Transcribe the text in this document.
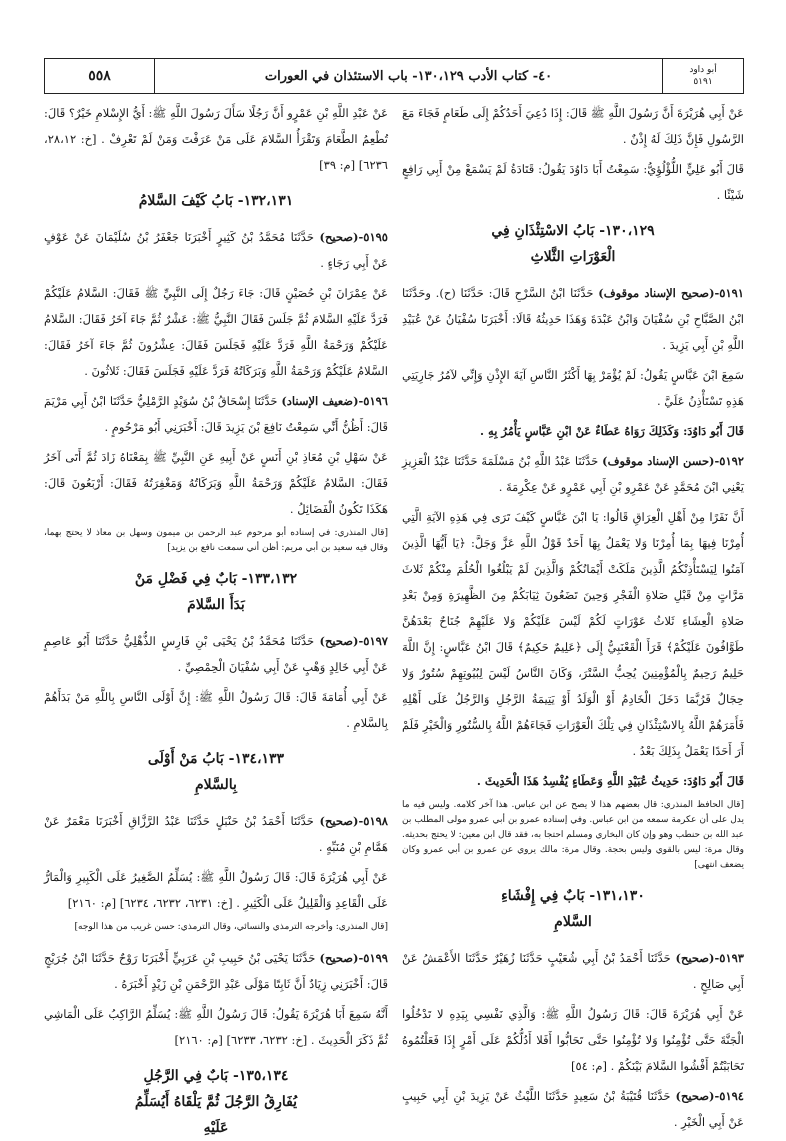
٥٥٨	٤٠- كتاب الأدب ١٣٠،١٢٩- باب الاستئذان في العورات	أبو داود
٥١٩١

عَنْ أَبِي هُرَيْرَةَ أَنَّ رَسُولَ اللَّهِ ﷺ قَالَ: إِذَا دُعِيَ أَحَدُكُمْ إِلَى طَعَامٍ فَجَاءَ مَعَ الرَّسُولِ فَإِنَّ ذَلِكَ لَهُ إِذْنٌ .

قَالَ أَبُو عَلِيٍّ اللُّؤْلُؤِيُّ: سَمِعْتُ أَبَا دَاوُدَ يَقُولُ: قَتَادَةُ لَمْ يَسْمَعْ مِنْ أَبِي رَافِعٍ شَيْئًا .

١٣٠،١٢٩- بَابُ الاسْتِئْذَانِ فِي
الْعَوْرَاتِ الثَّلاثِ

٥١٩١-(صحيح الإسناد موقوف) حَدَّثَنَا ابْنُ السَّرْحِ قَالَ: حَدَّثَنَا (ح). وحَدَّثَنَا ابْنُ الصَّبَّاحِ بْنِ سُفْيَانَ وَابْنُ عَبْدَةَ وَهَذَا حَدِيثُهُ قَالَا: أَخْبَرَنَا سُفْيَانُ عَنْ عُبَيْدِ اللَّهِ بْنِ أَبِي يَزِيدَ .

سَمِعَ ابْنَ عَبَّاسٍ يَقُولُ: لَمْ يُؤْمَرْ بِهَا أَكْثَرُ النَّاسِ آيَةَ الإِذْنِ وَإِنِّي لآمُرُ جَارِيَتِي هَذِهِ تَسْتَأْذِنُ عَلَيَّ .

قَالَ أَبُو دَاوُدَ: وَكَذَلِكَ رَوَاهُ عَطَاءٌ عَنْ ابْنِ عَبَّاسٍ يَأْمُرُ بِهِ .

٥١٩٢-(حسن الإسناد موقوف) حَدَّثَنَا عَبْدُ اللَّهِ بْنُ مَسْلَمَةَ حَدَّثَنَا عَبْدُ الْعَزِيزِ يَعْنِي ابْنَ مُحَمَّدٍ عَنْ عَمْرِو بْنِ أَبِي عَمْرٍو عَنْ عِكْرِمَةَ .

أَنَّ نَفَرًا مِنْ أَهْلِ الْعِرَاقِ قَالُوا: يَا ابْنَ عَبَّاسٍ كَيْفَ تَرَى فِي هَذِهِ الآيَةِ الَّتِي أُمِرْنَا فِيهَا بِمَا أُمِرْنَا وَلا يَعْمَلُ بِهَا أَحَدٌ قَوْلُ اللَّهِ عَزَّ وَجَلَّ: ﴿يَا أَيُّهَا الَّذِينَ آمَنُوا لِيَسْتَأْذِنْكُمُ الَّذِينَ مَلَكَتْ أَيْمَانُكُمْ وَالَّذِينَ لَمْ يَبْلُغُوا الْحُلُمَ مِنْكُمْ ثَلاثَ مَرَّاتٍ مِنْ قَبْلِ صَلاةِ الْفَجْرِ وَحِينَ تَضَعُونَ ثِيَابَكُمْ مِنَ الظَّهِيرَةِ وَمِنْ بَعْدِ صَلاةِ الْعِشَاءِ ثَلاثُ عَوْرَاتٍ لَكُمْ لَيْسَ عَلَيْكُمْ وَلا عَلَيْهِمْ جُنَاحٌ بَعْدَهُنَّ طَوَّافُونَ عَلَيْكُمْ﴾ قَرَأَ الْقَعْنَبِيُّ إِلَى ﴿عَلِيمٌ حَكِيمٌ﴾ قَالَ ابْنُ عَبَّاسٍ: إِنَّ اللَّهَ حَلِيمٌ رَحِيمٌ بِالْمُؤْمِنِينَ يُحِبُّ السَّتْرَ، وَكَانَ النَّاسُ لَيْسَ لِبُيُوتِهِمْ سُتُورٌ وَلا حِجَالٌ فَرُبَّمَا دَخَلَ الْخَادِمُ أَوْ الْوَلَدُ أَوْ يَتِيمَةُ الرَّجُلِ وَالرَّجُلُ عَلَى أَهْلِهِ فَأَمَرَهُمْ اللَّهُ بِالاسْتِئْذَانِ فِي تِلْكَ الْعَوْرَاتِ فَجَاءَهُمْ اللَّهُ بِالسُّتُورِ وَالْخَيْرِ فَلَمْ أَرَ أَحَدًا يَعْمَلُ بِذَلِكَ بَعْدُ .

قَالَ أَبُو دَاوُدَ: حَدِيثُ عُبَيْدِ اللَّهِ وَعَطَاءٍ يُفْسِدُ هَذَا الْحَدِيثَ .

[قال الحافظ المنذري: قال بعضهم هذا لا يصح عن ابن عباس. هذا آخر كلامه. وليس فيه ما يدل على أن عكرمة سمعه من ابن عباس. وفي إسناده عمرو بن أبي عمرو مولى المطلب بن عبد الله بن حنطب وهو وإن كان البخاري ومسلم احتجا به، فقد قال ابن معين: لا يحتج بحديثه. وقال مرة: ليس بالقوي وليس بحجة. وقال مرة: مالك يروي عن عمرو بن أبي عمرو وكان يضعف انتهى]
١٣١،١٣٠- بَابٌ فِي إِفْشَاءِ
السَّلامِ

٥١٩٣-(صحيح) حَدَّثَنَا أَحْمَدُ بْنُ أَبِي شُعَيْبٍ حَدَّثَنَا زُهَيْرٌ حَدَّثَنَا الأَعْمَشُ عَنْ أَبِي صَالِحٍ .

عَنْ أَبِي هُرَيْرَةَ قَالَ: قَالَ رَسُولُ اللَّهِ ﷺ: وَالَّذِي نَفْسِي بِيَدِهِ لا تَدْخُلُوا الْجَنَّةَ حَتَّى تُؤْمِنُوا وَلا تُؤْمِنُوا حَتَّى تَحَابُّوا أَفَلا أَدُلُّكُمْ عَلَى أَمْرٍ إِذَا فَعَلْتُمُوهُ تَحَابَبْتُمْ أَفْشُوا السَّلامَ بَيْنَكُمْ . [م: ٥٤]

٥١٩٤-(صحيح) حَدَّثَنَا قُتَيْبَةُ بْنُ سَعِيدٍ حَدَّثَنَا اللَّيْثُ عَنْ يَزِيدَ بْنِ أَبِي حَبِيبٍ عَنْ أَبِي الْخَيْرِ .

عَنْ عَبْدِ اللَّهِ بْنِ عَمْرٍو أَنَّ رَجُلًا سَأَلَ رَسُولَ اللَّهِ ﷺ: أَيُّ الإِسْلامِ خَيْرٌ؟ قَالَ: تُطْعِمُ الطَّعَامَ وَتَقْرَأُ السَّلامَ عَلَى مَنْ عَرَفْتَ وَمَنْ لَمْ تَعْرِفْ . [خ: ٢٨،١٢، ٦٢٣٦] [م: ٣٩]

١٣٢،١٣١- بَابُ كَيْفَ السَّلامُ

٥١٩٥-(صحيح) حَدَّثَنَا مُحَمَّدُ بْنُ كَثِيرٍ أَخْبَرَنَا جَعْفَرُ بْنُ سُلَيْمَانَ عَنْ عَوْفٍ عَنْ أَبِي رَجَاءٍ .

عَنْ عِمْرَانَ بْنِ حُصَيْنٍ قَالَ: جَاءَ رَجُلٌ إِلَى النَّبِيِّ ﷺ فَقَالَ: السَّلامُ عَلَيْكُمْ فَرَدَّ عَلَيْهِ السَّلامَ ثُمَّ جَلَسَ فَقَالَ النَّبِيُّ ﷺ: عَشْرٌ ثُمَّ جَاءَ آخَرُ فَقَالَ: السَّلامُ عَلَيْكُمْ وَرَحْمَةُ اللَّهِ فَرَدَّ عَلَيْهِ فَجَلَسَ فَقَالَ: عِشْرُونَ ثُمَّ جَاءَ آخَرُ فَقَالَ: السَّلامُ عَلَيْكُمْ وَرَحْمَةُ اللَّهِ وَبَرَكَاتُهُ فَرَدَّ عَلَيْهِ فَجَلَسَ فَقَالَ: ثَلاثُونَ .

٥١٩٦-(ضعيف الإسناد) حَدَّثَنَا إِسْحَاقُ بْنُ سُوَيْدٍ الرَّمْلِيُّ حَدَّثَنَا ابْنُ أَبِي مَرْيَمَ قَالَ: أَظُنُّ أَنِّي سَمِعْتُ نَافِعَ بْنَ يَزِيدَ قَالَ: أَخْبَرَنِي أَبُو مَرْحُومٍ .

عَنْ سَهْلِ بْنِ مُعَاذِ بْنِ أَنَسٍ عَنْ أَبِيهِ عَنِ النَّبِيِّ ﷺ بِمَعْنَاهُ زَادَ ثُمَّ أَتَى آخَرُ فَقَالَ: السَّلامُ عَلَيْكُمْ وَرَحْمَةُ اللَّهِ وَبَرَكَاتُهُ وَمَغْفِرَتُهُ فَقَالَ: أَرْبَعُونَ قَالَ: هَكَذَا تَكُونُ الْفَضَائِلُ .

[قال المنذري: في إسناده أبو مرحوم عبد الرحمن بن ميمون وسهل بن معاذ لا يحتج بهما، وقال فيه سعيد بن أبي مريم: أظن أني سمعت نافع بن يزيد]
١٣٣،١٣٢- بَابٌ فِي فَضْلِ مَنْ
بَدَأَ السَّلامَ

٥١٩٧-(صحيح) حَدَّثَنَا مُحَمَّدُ بْنُ يَحْيَى بْنِ فَارِسٍ الذُّهْلِيُّ حَدَّثَنَا أَبُو عَاصِمٍ عَنْ أَبِي خَالِدٍ وَهْبٍ عَنْ أَبِي سُفْيَانَ الْحِمْصِيِّ .

عَنْ أَبِي أُمَامَةَ قَالَ: قَالَ رَسُولُ اللَّهِ ﷺ: إِنَّ أَوْلَى النَّاسِ بِاللَّهِ مَنْ بَدَأَهُمْ بِالسَّلامِ .

١٣٤،١٣٣- بَابُ مَنْ أَوْلَى
بِالسَّلامِ

٥١٩٨-(صحيح) حَدَّثَنَا أَحْمَدُ بْنُ حَنْبَلٍ حَدَّثَنَا عَبْدُ الرَّزَّاقِ أَخْبَرَنَا مَعْمَرٌ عَنْ هَمَّامِ بْنِ مُنَبِّهٍ .

عَنْ أَبِي هُرَيْرَةَ قَالَ: قَالَ رَسُولُ اللَّهِ ﷺ: يُسَلِّمُ الصَّغِيرُ عَلَى الْكَبِيرِ وَالْمَارُّ عَلَى الْقَاعِدِ وَالْقَلِيلُ عَلَى الْكَثِيرِ . [خ: ٦٢٣١، ٦٢٣٢، ٦٢٣٤] [م: ٢١٦٠]

[قال المنذري: وأخرجه الترمذي والنسائي، وقال الترمذي: حسن غريب من هذا الوجه]

٥١٩٩-(صحيح) حَدَّثَنَا يَحْيَى بْنُ حَبِيبِ بْنِ عَرَبِيٍّ أَخْبَرَنَا رَوْحٌ حَدَّثَنَا ابْنُ جُرَيْجٍ قَالَ: أَخْبَرَنِي زِيَادٌ أَنَّ ثَابِتًا مَوْلَى عَبْدِ الرَّحْمَنِ بْنِ زَيْدٍ أَخْبَرَهُ .

أَنَّهُ سَمِعَ أَبَا هُرَيْرَةَ يَقُولُ: قَالَ رَسُولُ اللَّهِ ﷺ: يُسَلِّمُ الرَّاكِبُ عَلَى الْمَاشِي ثُمَّ ذَكَرَ الْحَدِيثَ . [خ: ٦٢٣٢، ٦٢٣٣] [م: ٢١٦٠]

١٣٥،١٣٤- بَابٌ فِي الرَّجُلِ
يُفَارِقُ الرَّجُلَ ثُمَّ يَلْقَاهُ أَيُسَلِّمُ
عَلَيْهِ
